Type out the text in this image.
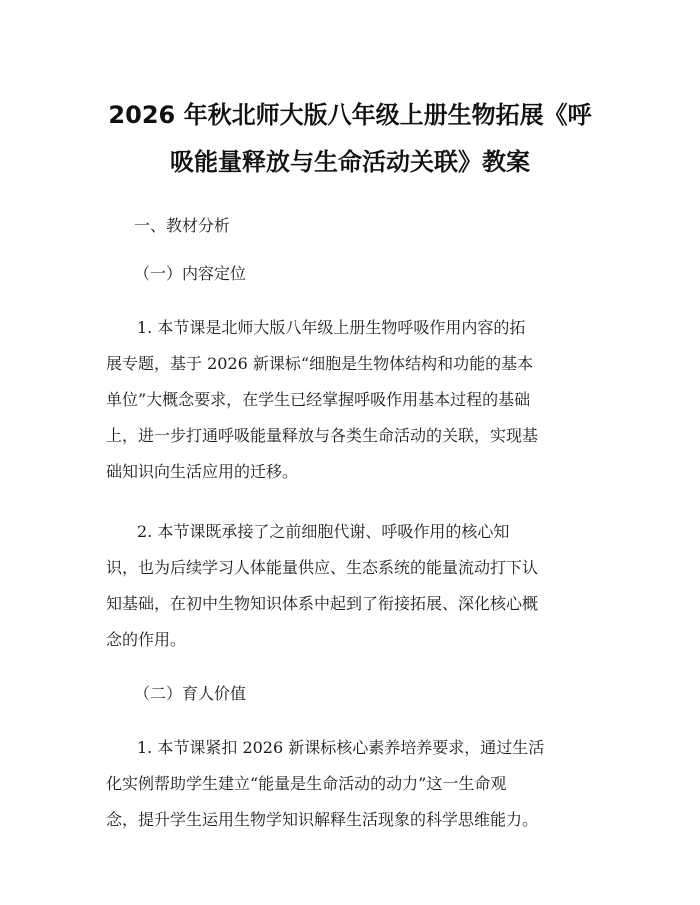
2026 年秋北师大版八年级上册生物拓展《呼
吸能量释放与生命活动关联》教案
一、教材分析
（一）内容定位
1. 本节课是北师大版八年级上册生物呼吸作用内容的拓
展专题，基于 2026 新课标“细胞是生物体结构和功能的基本
单位”大概念要求，在学生已经掌握呼吸作用基本过程的基础
上，进一步打通呼吸能量释放与各类生命活动的关联，实现基
础知识向生活应用的迁移。
2. 本节课既承接了之前细胞代谢、呼吸作用的核心知
识，也为后续学习人体能量供应、生态系统的能量流动打下认
知基础，在初中生物知识体系中起到了衔接拓展、深化核心概
念的作用。
（二）育人价值
1. 本节课紧扣 2026 新课标核心素养培养要求，通过生活
化实例帮助学生建立“能量是生命活动的动力”这一生命观
念，提升学生运用生物学知识解释生活现象的科学思维能力。
